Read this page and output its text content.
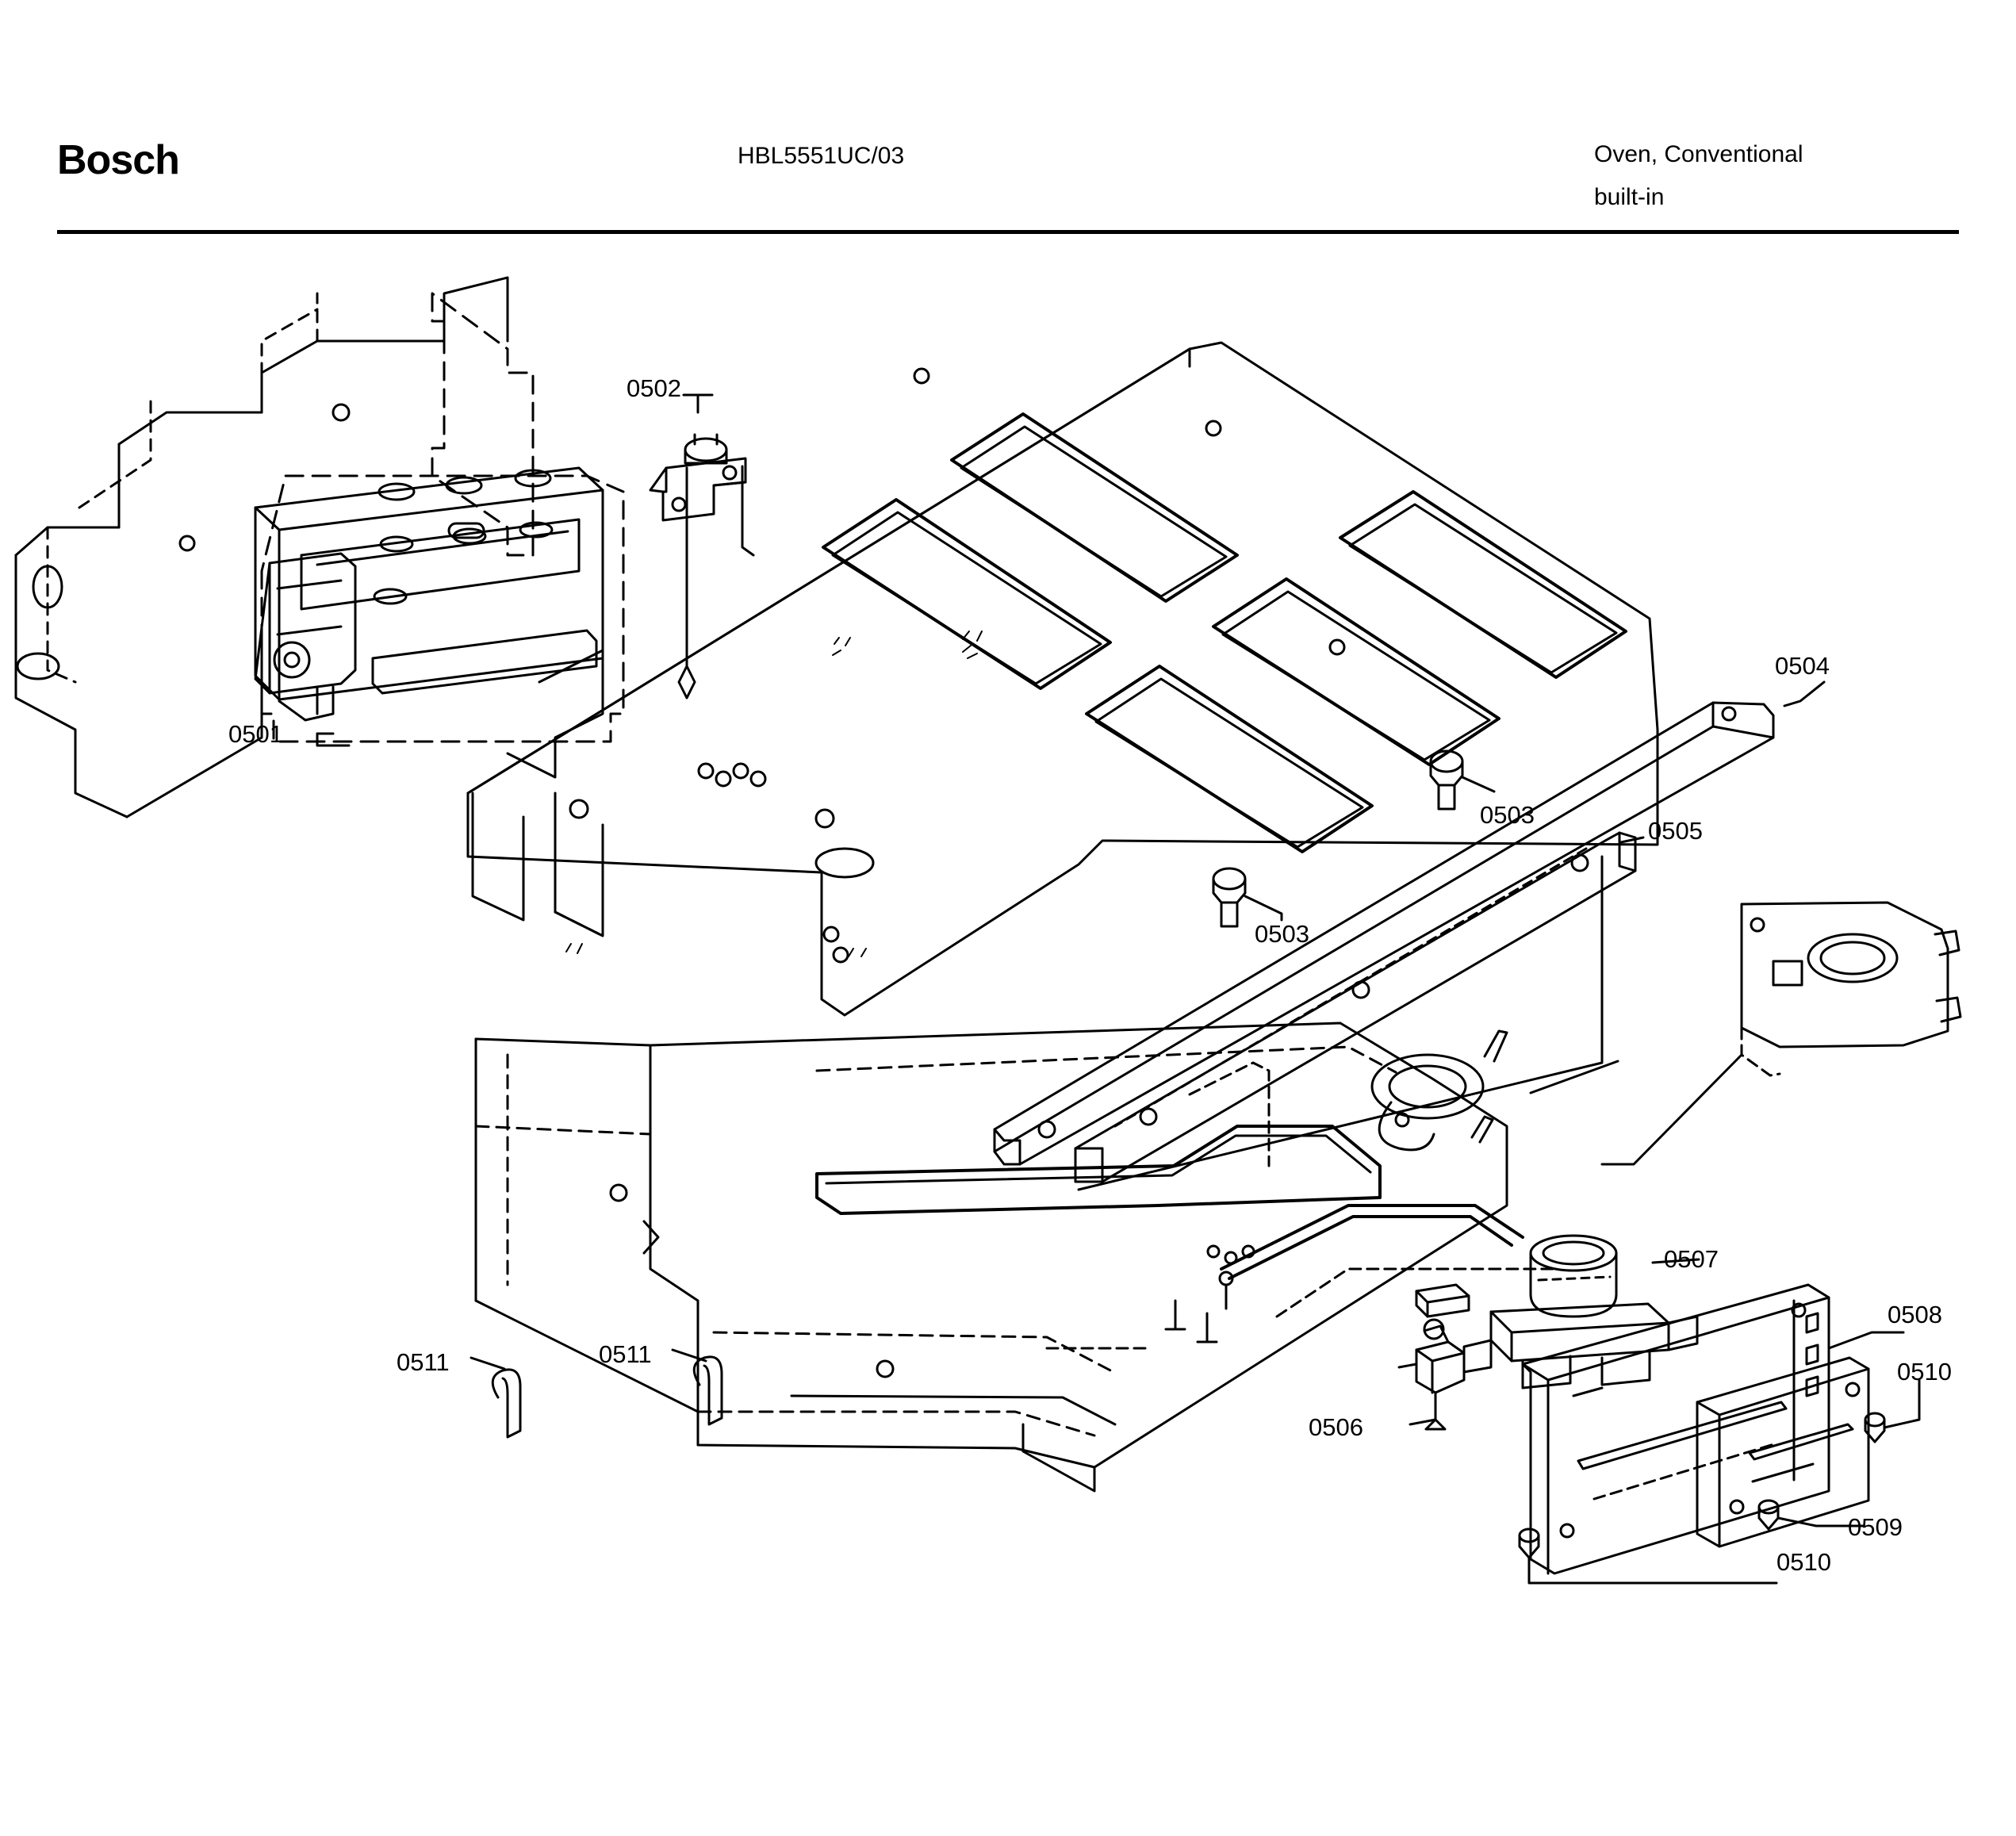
Bosch	HBL5551UC/03	Oven, Conventional
built-in
0502
0504
0501
0503
0505
0503
0507
0508
0510
0511	0511
0506
0509
0510
